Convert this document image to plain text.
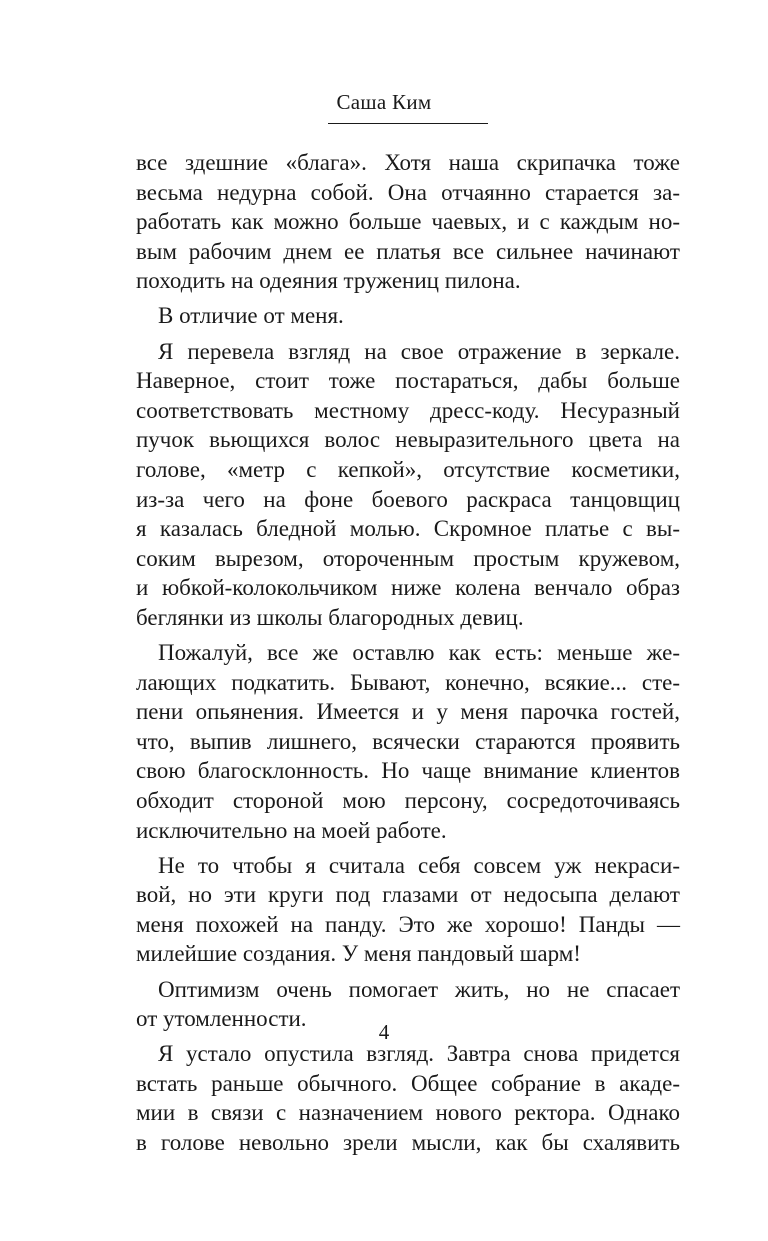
Саша Ким
все здешние «блага». Хотя наша скрипачка тоже
весьма недурна собой. Она отчаянно старается за-
работать как можно больше чаевых, и с каждым но-
вым рабочим днем ее платья все сильнее начинают
походить на одеяния тружениц пилона.
В отличие от меня.
Я перевела взгляд на свое отражение в зеркале.
Наверное, стоит тоже постараться, дабы больше
соответствовать местному дресс-коду. Несуразный
пучок вьющихся волос невыразительного цвета на
голове, «метр с кепкой», отсутствие косметики,
из-за чего на фоне боевого раскраса танцовщиц
я казалась бледной молью. Скромное платье с вы-
соким вырезом, отороченным простым кружевом,
и юбкой-колокольчиком ниже колена венчало образ
беглянки из школы благородных девиц.
Пожалуй, все же оставлю как есть: меньше же-
лающих подкатить. Бывают, конечно, всякие... сте-
пени опьянения. Имеется и у меня парочка гостей,
что, выпив лишнего, всячески стараются проявить
свою благосклонность. Но чаще внимание клиентов
обходит стороной мою персону, сосредоточиваясь
исключительно на моей работе.
Не то чтобы я считала себя совсем уж некраси-
вой, но эти круги под глазами от недосыпа делают
меня похожей на панду. Это же хорошо! Панды —
милейшие создания. У меня пандовый шарм!
Оптимизм очень помогает жить, но не спасает
от утомленности.
Я устало опустила взгляд. Завтра снова придется
встать раньше обычного. Общее собрание в акаде-
мии в связи с назначением нового ректора. Однако
в голове невольно зрели мысли, как бы схалявить
4
